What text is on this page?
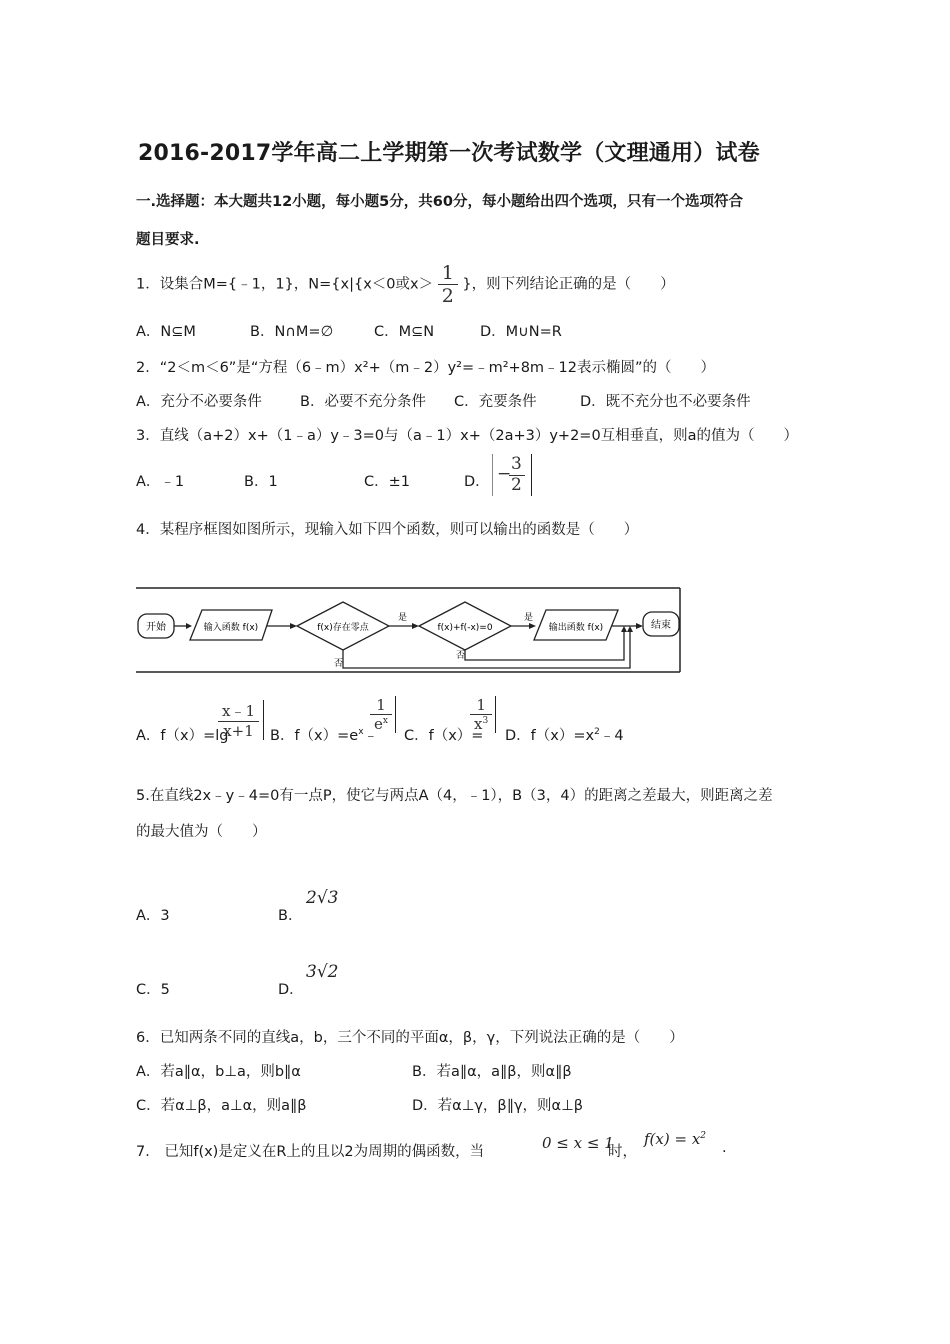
2016-2017学年高二上学期第一次考试数学（文理通用）试卷
一.选择题：本大题共12小题，每小题5分，共60分，每小题给出四个选项，只有一个选项符合
题目要求.
1．设集合M={﹣1，1}，N={x|{x＜0或$x> \frac{1}{2}$ }，则下列结论正确的是（　　）
A．N⊆M	B．N∩M=∅	C．M⊆N	D．M∪N=R
2．“2＜m＜6”是“方程（6﹣m）x²+（m﹣2）y²=﹣m²+8m﹣12表示椭圆”的（　　）
A．充分不必要条件	B．必要不充分条件 C．充要条件	D．既不充分也不必要条件
3．直线（a+2）x+（1﹣a）y﹣3=0与（a﹣1）x+（2a+3）y+2=0互相垂直，则a的值为（　　）
A．﹣1	B．1	C．±1	D． − 3
2
4．某程序框图如图所示，现输入如下四个函数，则可以输出的函数是（　　）
开始	输入函数 f(x)	f(x)存在零点
是
f(x)+f(-x)=0
是
输出函数 f(x)	结束
否
否
A．f（x）=lg
$\frac{x﹣1}{x+1}$ B．$f(x)=e^x﹣$
$\frac{1}{e^x}$
C．f（x）=
$\frac{1}{x^3}$
D．$f(x)=x^2﹣4$
5.在直线2x﹣y﹣4=0有一点P，使它与两点A（4，﹣1），B（3，4）的距离之差最大，则距离之差
的最大值为（　　）
A．3	B．
2√3
C．5	D．
3√2
6．已知两条不同的直线a，b，三个不同的平面α，β，γ，下列说法正确的是（　　）
A．若a∥α，b⊥a，则b∥α	B．若a∥α，a∥β，则α∥β
C．若α⊥β，a⊥α，则a∥β	D．若α⊥γ，β∥γ，则α⊥β
7． 已知f(x)是定义在R上的且以2为周期的偶函数，当	0 ≤ x ≤ 1
时，
$f(x) = x^2$
.
